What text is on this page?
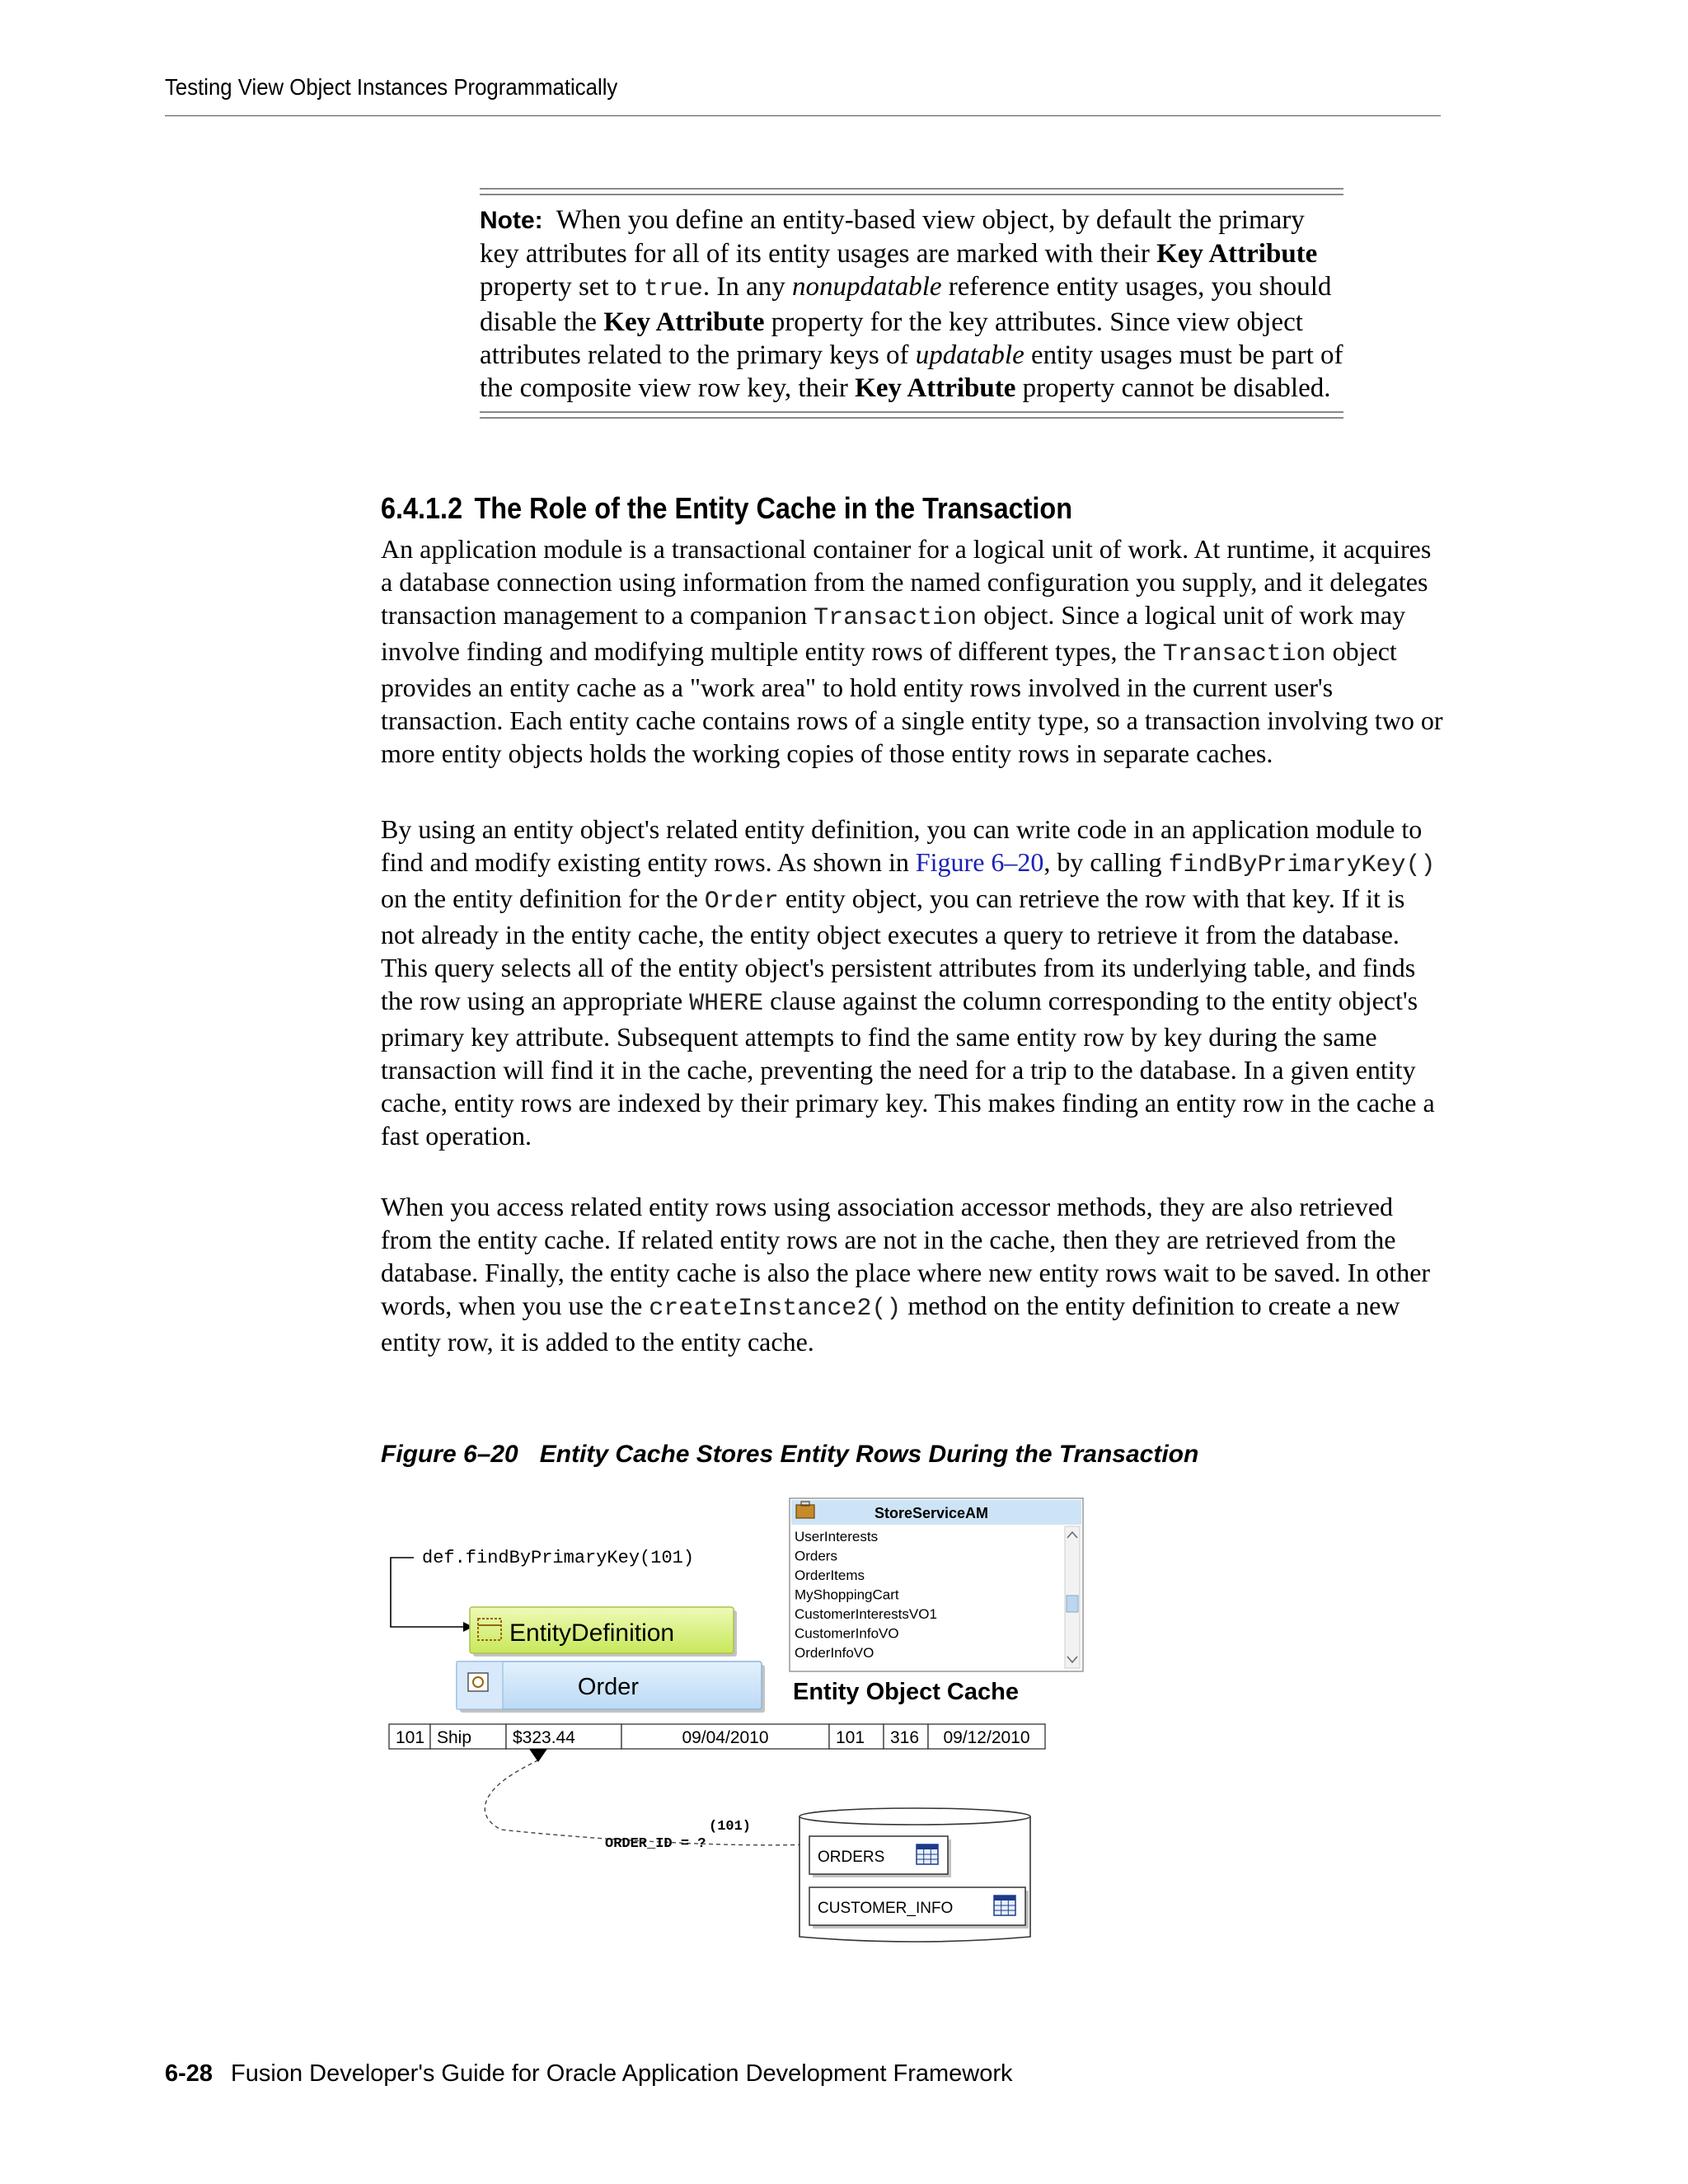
Testing View Object Instances Programmatically
Note: When you define an entity-based view object, by default the primary key attributes for all of its entity usages are marked with their Key Attribute property set to true. In any nonupdatable reference entity usages, you should disable the Key Attribute property for the key attributes. Since view object attributes related to the primary keys of updatable entity usages must be part of the composite view row key, their Key Attribute property cannot be disabled.
6.4.1.2 The Role of the Entity Cache in the Transaction

An application module is a transactional container for a logical unit of work. At runtime, it acquires a database connection using information from the named configuration you supply, and it delegates transaction management to a companion Transaction object. Since a logical unit of work may involve finding and modifying multiple entity rows of different types, the Transaction object provides an entity cache as a "work area" to hold entity rows involved in the current user's transaction. Each entity cache contains rows of a single entity type, so a transaction involving two or more entity objects holds the working copies of those entity rows in separate caches.

By using an entity object's related entity definition, you can write code in an application module to find and modify existing entity rows. As shown in Figure 6–20, by calling findByPrimaryKey() on the entity definition for the Order entity object, you can retrieve the row with that key. If it is not already in the entity cache, the entity object executes a query to retrieve it from the database. This query selects all of the entity object's persistent attributes from its underlying table, and finds the row using an appropriate WHERE clause against the column corresponding to the entity object's primary key attribute. Subsequent attempts to find the same entity row by key during the same transaction will find it in the cache, preventing the need for a trip to the database. In a given entity cache, entity rows are indexed by their primary key. This makes finding an entity row in the cache a fast operation.

When you access related entity rows using association accessor methods, they are also retrieved from the entity cache. If related entity rows are not in the cache, then they are retrieved from the database. Finally, the entity cache is also the place where new entity rows wait to be saved. In other words, when you use the createInstance2() method on the entity definition to create a new entity row, it is added to the entity cache.

Figure 6–20 Entity Cache Stores Entity Rows During the Transaction
def.findByPrimaryKey(101)
EntityDefinition
Order
StoreServiceAM
UserInterests
Orders
OrderItems
MyShoppingCart
CustomerInterestsVO1
CustomerInfoVO
OrderInfoVO
Entity Object Cache
101 Ship $323.44	09/04/2010	101 316 09/12/2010
(101)
ORDER_ID = ?
ORDERS
CUSTOMER_INFO
6-28 Fusion Developer's Guide for Oracle Application Development Framework
